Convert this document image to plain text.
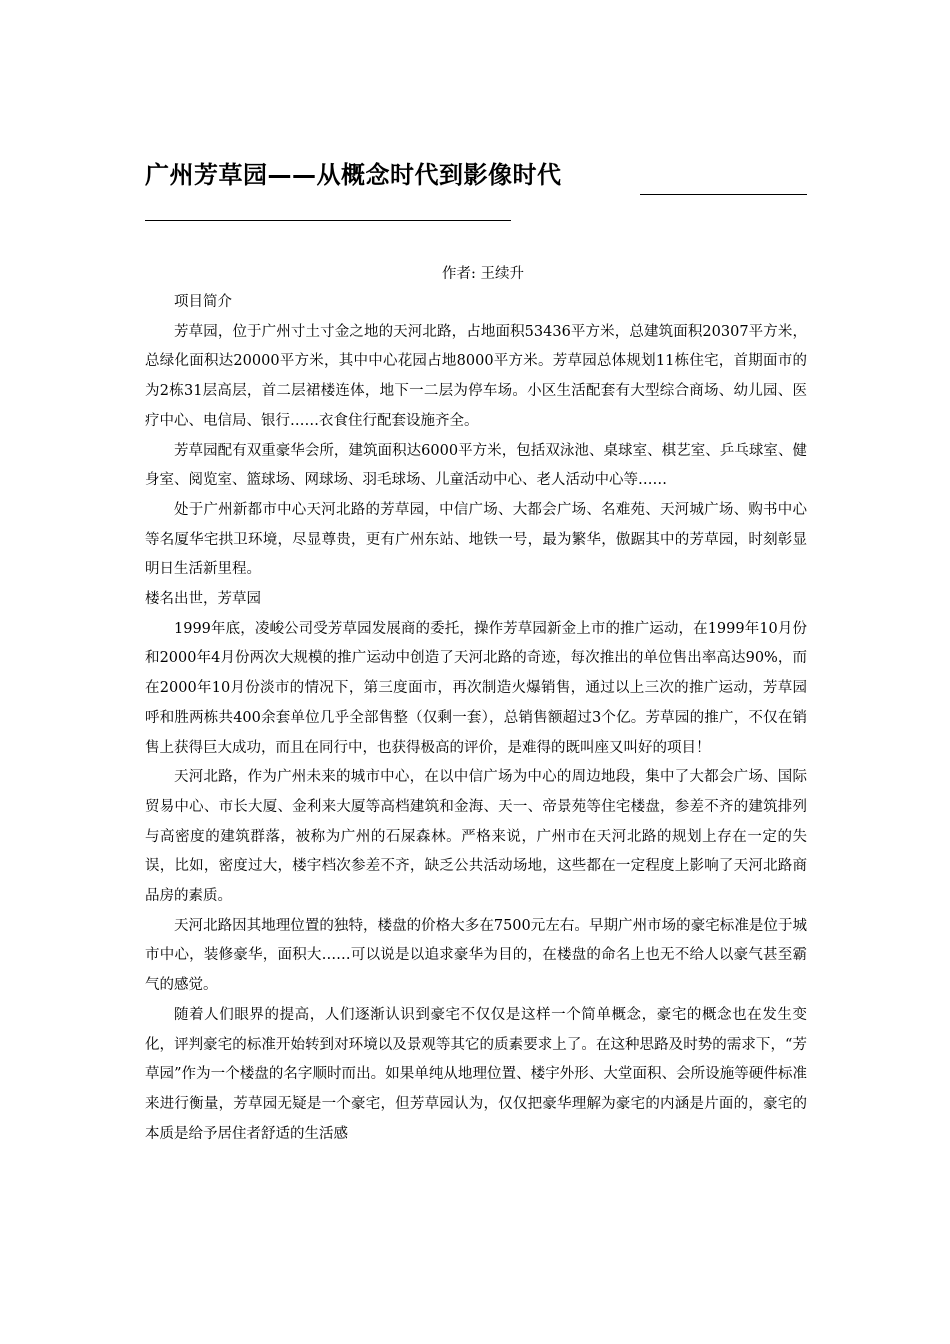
广州芳草园——从概念时代到影像时代
作者: 王续升

项目简介

芳草园，位于广州寸土寸金之地的天河北路，占地面积53436平方米，总建筑面积20307平方米，总绿化面积达20000平方米，其中中心花园占地8000平方米。芳草园总体规划11栋住宅，首期面市的为2栋31层高层，首二层裙楼连体，地下一二层为停车场。小区生活配套有大型综合商场、幼儿园、医疗中心、电信局、银行……衣食住行配套设施齐全。

芳草园配有双重豪华会所，建筑面积达6000平方米，包括双泳池、桌球室、棋艺室、乒乓球室、健身室、阅览室、篮球场、网球场、羽毛球场、儿童活动中心、老人活动中心等……

处于广州新都市中心天河北路的芳草园，中信广场、大都会广场、名难苑、天河城广场、购书中心等名厦华宅拱卫环境，尽显尊贵，更有广州东站、地铁一号，最为繁华，傲踞其中的芳草园，时刻彰显明日生活新里程。

楼名出世，芳草园

1999年底，凌峻公司受芳草园发展商的委托，操作芳草园新金上市的推广运动，在1999年10月份和2000年4月份两次大规模的推广运动中创造了天河北路的奇迹，每次推出的单位售出率高达90%，而在2000年10月份淡市的情况下，第三度面市，再次制造火爆销售，通过以上三次的推广运动，芳草园呼和胜两栋共400余套单位几乎全部售整（仅剩一套），总销售额超过3个亿。芳草园的推广，不仅在销售上获得巨大成功，而且在同行中，也获得极高的评价，是难得的既叫座又叫好的项目！

天河北路，作为广州未来的城市中心，在以中信广场为中心的周边地段，集中了大都会广场、国际贸易中心、市长大厦、金利来大厦等高档建筑和金海、天一、帝景苑等住宅楼盘，参差不齐的建筑排列与高密度的建筑群落，被称为广州的石屎森林。严格来说，广州市在天河北路的规划上存在一定的失误，比如，密度过大，楼宇档次参差不齐，缺乏公共活动场地，这些都在一定程度上影响了天河北路商品房的素质。

天河北路因其地理位置的独特，楼盘的价格大多在7500元左右。早期广州市场的豪宅标准是位于城市中心，装修豪华，面积大……可以说是以追求豪华为目的，在楼盘的命名上也无不给人以豪气甚至霸气的感觉。

随着人们眼界的提高，人们逐渐认识到豪宅不仅仅是这样一个简单概念，豪宅的概念也在发生变化，评判豪宅的标准开始转到对环境以及景观等其它的质素要求上了。在这种思路及时势的需求下，“芳草园”作为一个楼盘的名字顺时而出。如果单纯从地理位置、楼宇外形、大堂面积、会所设施等硬件标准来进行衡量，芳草园无疑是一个豪宅，但芳草园认为，仅仅把豪华理解为豪宅的内涵是片面的，豪宅的本质是给予居住者舒适的生活感
